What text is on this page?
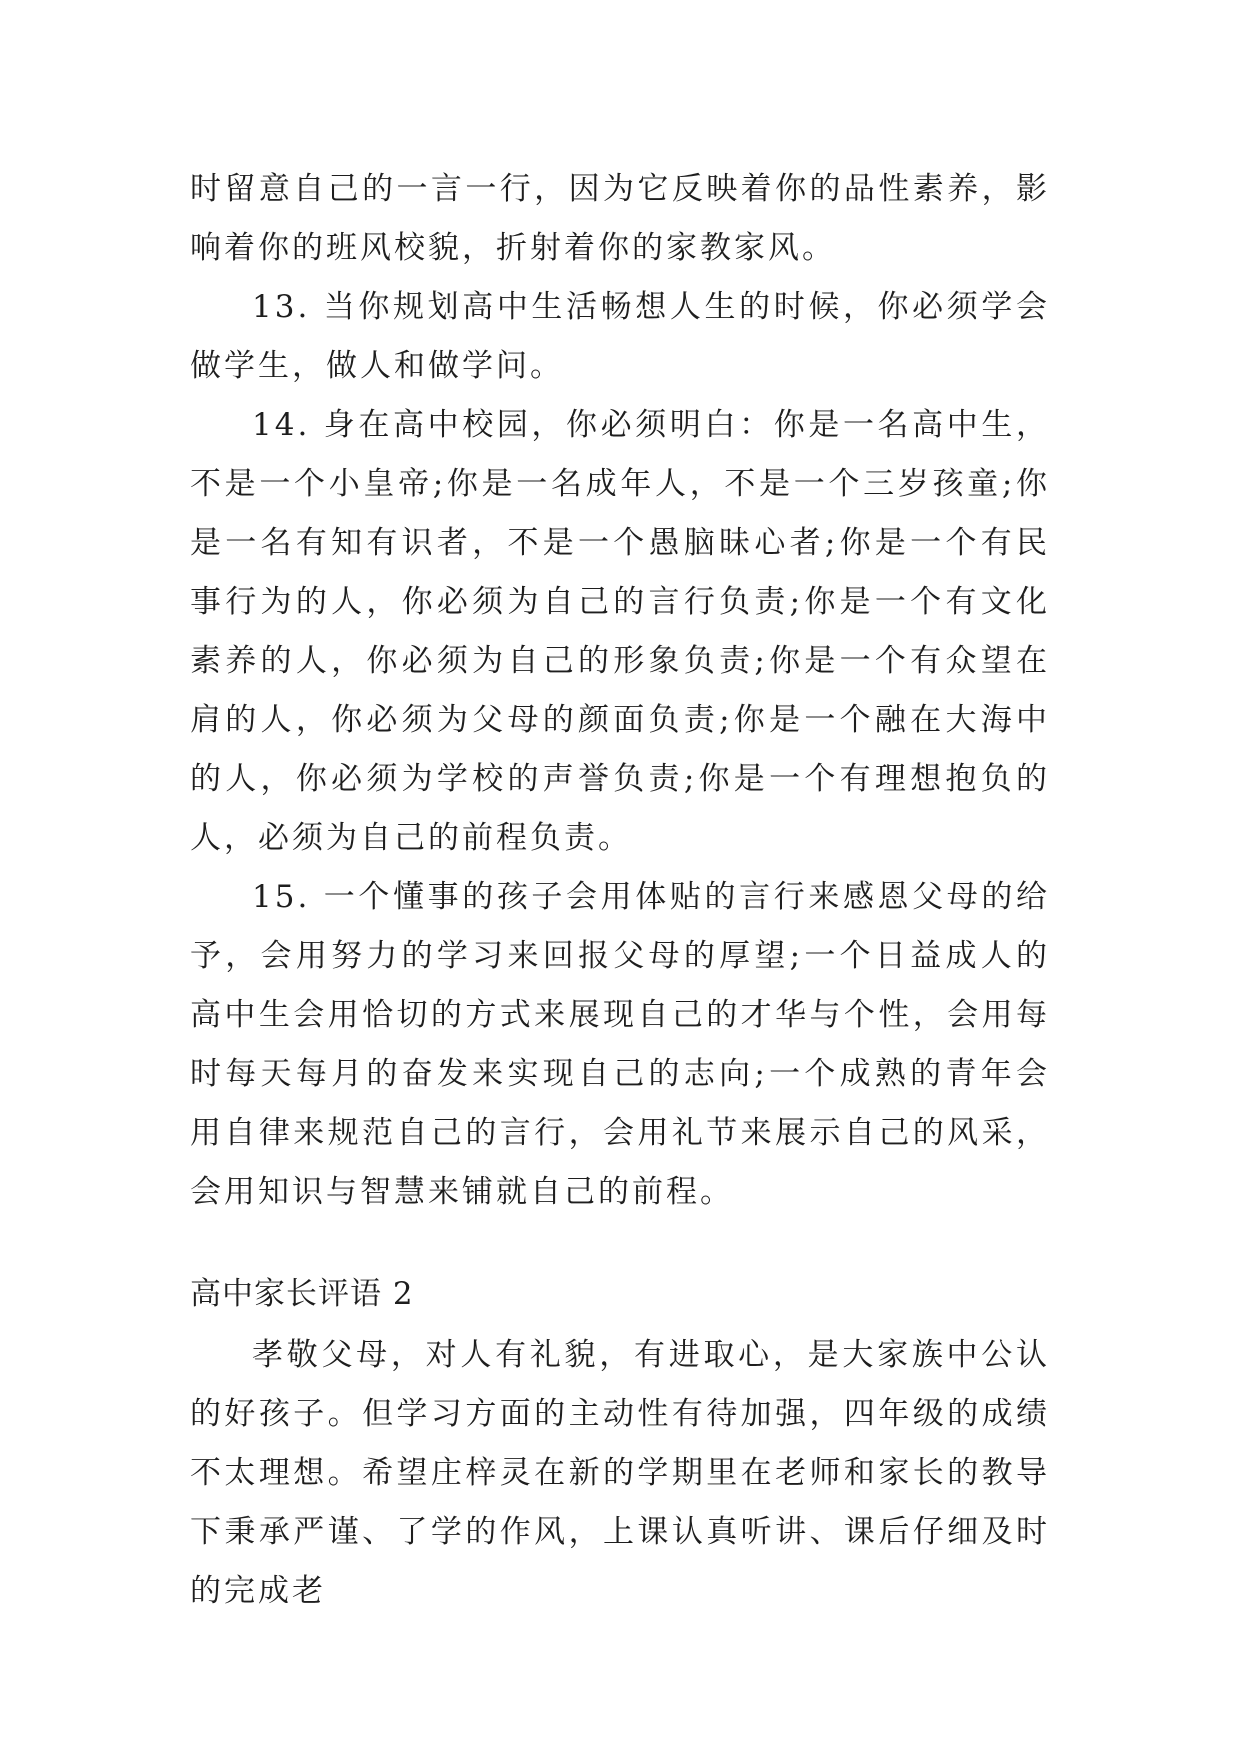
时留意自己的一言一行，因为它反映着你的品性素养，影响着你的班风校貌，折射着你的家教家风。

13. 当你规划高中生活畅想人生的时候，你必须学会做学生，做人和做学问。

14. 身在高中校园，你必须明白：你是一名高中生，不是一个小皇帝;你是一名成年人，不是一个三岁孩童;你是一名有知有识者，不是一个愚脑昧心者;你是一个有民事行为的人，你必须为自己的言行负责;你是一个有文化素养的人，你必须为自己的形象负责;你是一个有众望在肩的人，你必须为父母的颜面负责;你是一个融在大海中的人，你必须为学校的声誉负责;你是一个有理想抱负的人，必须为自己的前程负责。

15. 一个懂事的孩子会用体贴的言行来感恩父母的给予，会用努力的学习来回报父母的厚望;一个日益成人的高中生会用恰切的方式来展现自己的才华与个性，会用每时每天每月的奋发来实现自己的志向;一个成熟的青年会用自律来规范自己的言行，会用礼节来展示自己的风采，会用知识与智慧来铺就自己的前程。

高中家长评语 2

孝敬父母，对人有礼貌，有进取心，是大家族中公认的好孩子。但学习方面的主动性有待加强，四年级的成绩不太理想。希望庄梓灵在新的学期里在老师和家长的教导下秉承严谨、了学的作风，上课认真听讲、课后仔细及时的完成老
